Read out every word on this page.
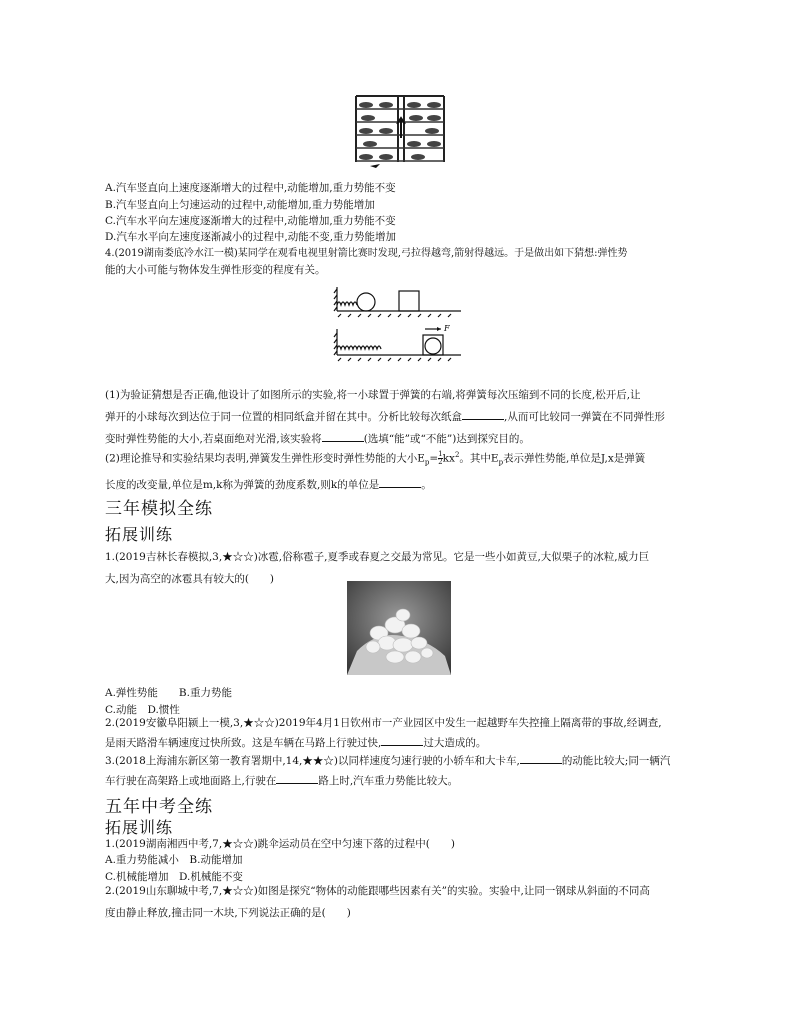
A.汽车竖直向上速度逐渐增大的过程中,动能增加,重力势能不变
B.汽车竖直向上匀速运动的过程中,动能增加,重力势能增加
C.汽车水平向左速度逐渐增大的过程中,动能增加,重力势能不变
D.汽车水平向左速度逐渐减小的过程中,动能不变,重力势能增加
4.(2019湖南娄底冷水江一模)某同学在观看电视里射箭比赛时发现,弓拉得越弯,箭射得越远。于是做出如下猜想:弹性势
能的大小可能与物体发生弹性形变的程度有关。
F
(1)为验证猜想是否正确,他设计了如图所示的实验,将一小球置于弹簧的右端,将弹簧每次压缩到不同的长度,松开后,让
弹开的小球每次到达位于同一位置的相同纸盒并留在其中。分析比较每次纸盒	,从而可比较同一弹簧在不同弹性形
变时弹性势能的大小,若桌面绝对光滑,该实验将	(选填“能”或“不能”)达到探究目的。
(2)理论推导和实验结果均表明,弹簧发生弹性形变时弹性势能的大小$E_p= \frac{1}{2} kx^2$。其中$E_p$表示弹性势能,单位是J,x是弹簧
长度的改变量,单位是m,k称为弹簧的劲度系数,则k的单位是	。
三年模拟全练
拓展训练
1.(2019吉林长春模拟,3,★☆☆)冰雹,俗称雹子,夏季或春夏之交最为常见。它是一些小如黄豆,大似栗子的冰粒,威力巨
大,因为高空的冰雹具有较大的(　　)
A.弹性势能　　B.重力势能
C.动能　D.惯性
2.(2019安徽阜阳颍上一模,3,★☆☆)2019年4月1日钦州市一产业园区中发生一起越野车失控撞上隔离带的事故,经调查,
是雨天路滑车辆速度过快所致。这是车辆在马路上行驶过快,	过大造成的。
3.(2018上海浦东新区第一教育署期中,14,★★☆)以同样速度匀速行驶的小轿车和大卡车,	的动能比较大;同一辆汽
车行驶在高架路上或地面路上,行驶在	路上时,汽车重力势能比较大。
五年中考全练
拓展训练
1.(2019湖南湘西中考,7,★☆☆)跳伞运动员在空中匀速下落的过程中(　　)
A.重力势能减小　B.动能增加
C.机械能增加　D.机械能不变
2.(2019山东聊城中考,7,★☆☆)如图是探究“物体的动能跟哪些因素有关”的实验。实验中,让同一钢球从斜面的不同高
度由静止释放,撞击同一木块,下列说法正确的是(　　)
